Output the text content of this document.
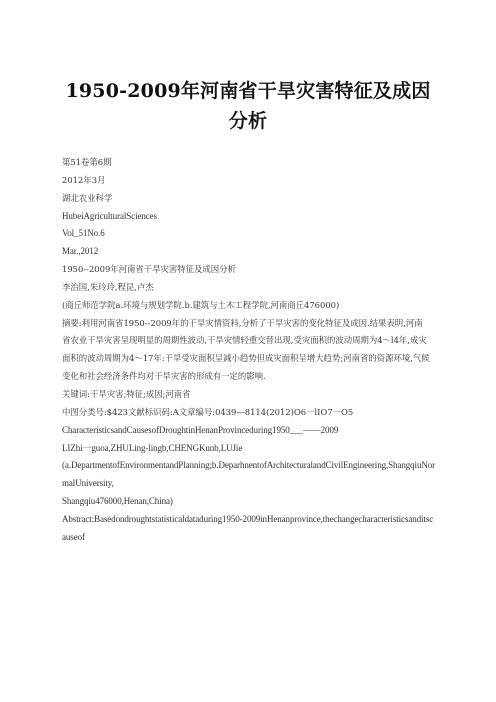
1950-2009年河南省干旱灾害特征及成因分析
第51卷第6期
2012年3月
湖北农业科学
HubeiAgriculturalSciences
Vol_51No.6
Mar.,2012
1950--2009年河南省干旱灾害特征及成因分析
李治国,朱玲玲,程昆,卢杰
(商丘师范学院a.环境与规划学院.b.建筑与土木工程学院,河南商丘476000)
摘要:利用河南省1950--2009年的干旱灾情资料,分析了干旱灾害的变化特征及成因.结果表明,河南
省农业干旱灾害呈现明显的周期性波动,干旱灾情轻重交替出现,受灾面积的波动周期为4～l4年,成灾
面积的波动周期为4～17年:干旱受灾面积呈减小趋势但成灾面积呈增大趋势;河南省的资源环境,气候
变化和社会经济条件均对干旱灾害的形成有一定的影响.
关键词:干旱灾害;特征;成因;河南省
中图分类号:$423文献标识码:A文章编号:0439—8114(2012)O6一lIO7一O5
CharacteristicsandCausesofDroughtinHenanProvinceduring1950___——2009
LIZhi一guoa,ZHULing-lingb,CHENGKunb,LUJie
(a.DepartmentofEnvironmentandPlanning;b.DeparhnentofArchitecturalandCivilEngineering,ShangqiuNormalUniversity,
Shangqiu476000,Henan,China)
Abstract:Basedondroughtstatisticaldataduring1950-2009inHenanprovince,thechangecharacteristicsanditscauseof
